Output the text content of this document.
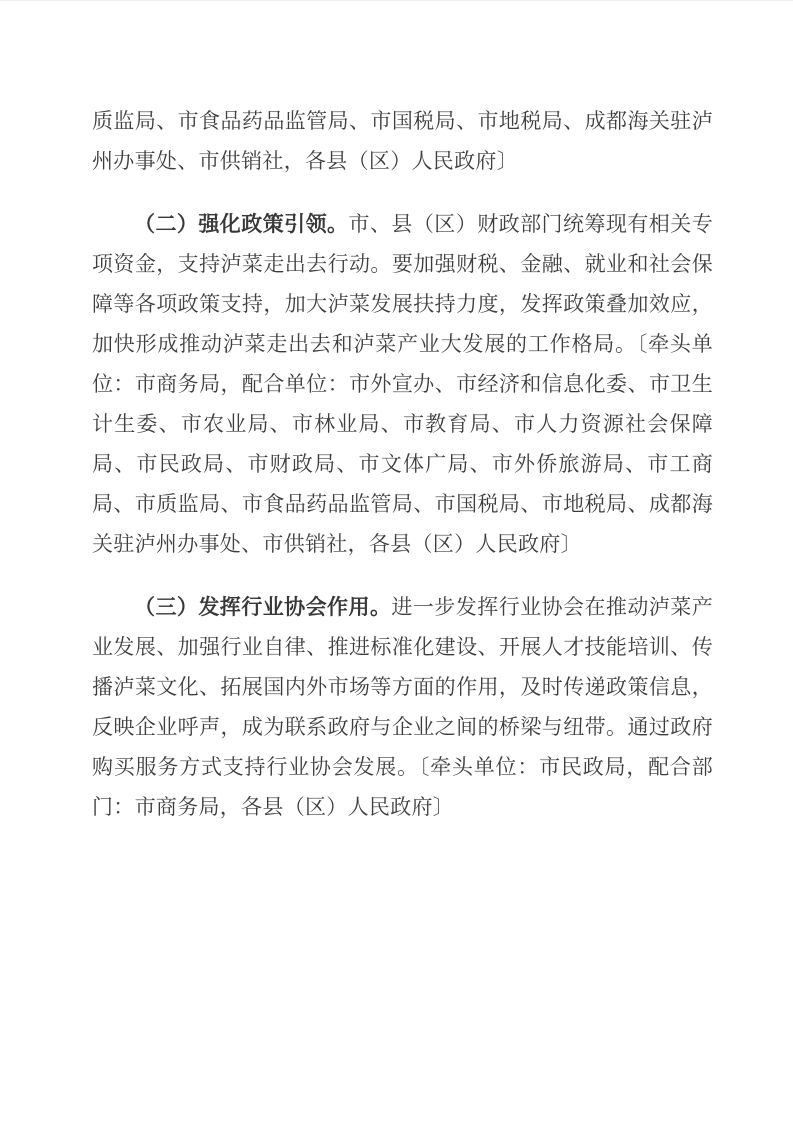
质监局、市食品药品监管局、市国税局、市地税局、成都海关驻泸州办事处、市供销社，各县（区）人民政府〕

（二）强化政策引领。市、县（区）财政部门统筹现有相关专项资金，支持泸菜走出去行动。要加强财税、金融、就业和社会保障等各项政策支持，加大泸菜发展扶持力度，发挥政策叠加效应，加快形成推动泸菜走出去和泸菜产业大发展的工作格局。〔牵头单位：市商务局，配合单位：市外宣办、市经济和信息化委、市卫生计生委、市农业局、市林业局、市教育局、市人力资源社会保障局、市民政局、市财政局、市文体广局、市外侨旅游局、市工商局、市质监局、市食品药品监管局、市国税局、市地税局、成都海关驻泸州办事处、市供销社，各县（区）人民政府〕

（三）发挥行业协会作用。进一步发挥行业协会在推动泸菜产业发展、加强行业自律、推进标准化建设、开展人才技能培训、传播泸菜文化、拓展国内外市场等方面的作用，及时传递政策信息，反映企业呼声，成为联系政府与企业之间的桥梁与纽带。通过政府购买服务方式支持行业协会发展。〔牵头单位：市民政局，配合部门：市商务局，各县（区）人民政府〕
